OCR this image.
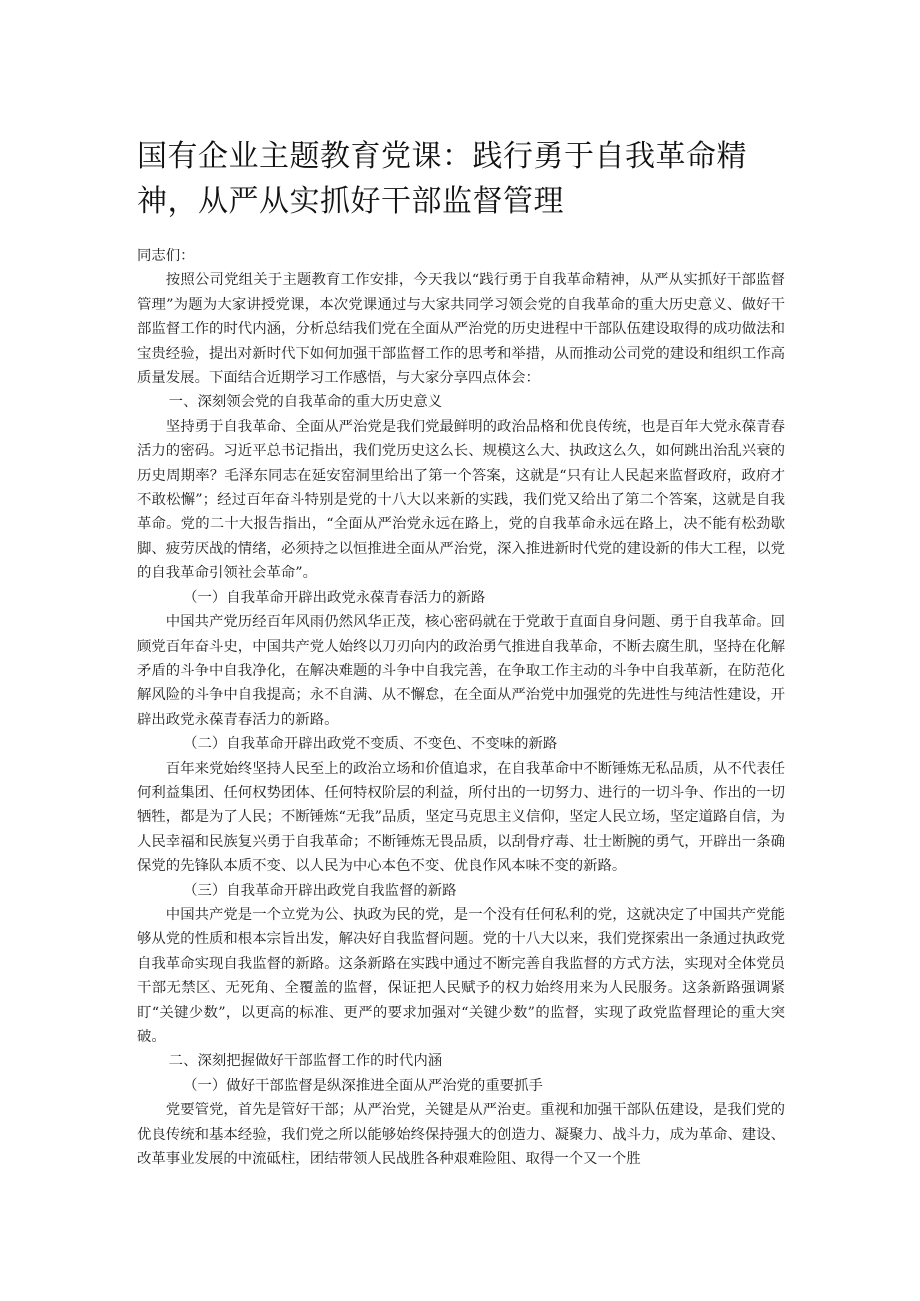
国有企业主题教育党课：践行勇于自我革命精神，从严从实抓好干部监督管理

同志们：

按照公司党组关于主题教育工作安排，今天我以“践行勇于自我革命精神，从严从实抓好干部监督管理”为题为大家讲授党课，本次党课通过与大家共同学习领会党的自我革命的重大历史意义、做好干部监督工作的时代内涵，分析总结我们党在全面从严治党的历史进程中干部队伍建设取得的成功做法和宝贵经验，提出对新时代下如何加强干部监督工作的思考和举措，从而推动公司党的建设和组织工作高质量发展。下面结合近期学习工作感悟，与大家分享四点体会：

一、深刻领会党的自我革命的重大历史意义

坚持勇于自我革命、全面从严治党是我们党最鲜明的政治品格和优良传统，也是百年大党永葆青春活力的密码。习近平总书记指出，我们党历史这么长、规模这么大、执政这么久，如何跳出治乱兴衰的历史周期率？毛泽东同志在延安窑洞里给出了第一个答案，这就是“只有让人民起来监督政府，政府才不敢松懈”；经过百年奋斗特别是党的十八大以来新的实践，我们党又给出了第二个答案，这就是自我革命。党的二十大报告指出，“全面从严治党永远在路上，党的自我革命永远在路上，决不能有松劲歇脚、疲劳厌战的情绪，必须持之以恒推进全面从严治党，深入推进新时代党的建设新的伟大工程，以党的自我革命引领社会革命”。

（一）自我革命开辟出政党永葆青春活力的新路

中国共产党历经百年风雨仍然风华正茂，核心密码就在于党敢于直面自身问题、勇于自我革命。回顾党百年奋斗史，中国共产党人始终以刀刃向内的政治勇气推进自我革命，不断去腐生肌，坚持在化解矛盾的斗争中自我净化，在解决难题的斗争中自我完善，在争取工作主动的斗争中自我革新，在防范化解风险的斗争中自我提高；永不自满、从不懈怠，在全面从严治党中加强党的先进性与纯洁性建设，开辟出政党永葆青春活力的新路。

（二）自我革命开辟出政党不变质、不变色、不变味的新路

百年来党始终坚持人民至上的政治立场和价值追求，在自我革命中不断锤炼无私品质，从不代表任何利益集团、任何权势团体、任何特权阶层的利益，所付出的一切努力、进行的一切斗争、作出的一切牺牲，都是为了人民；不断锤炼“无我”品质，坚定马克思主义信仰，坚定人民立场，坚定道路自信，为人民幸福和民族复兴勇于自我革命；不断锤炼无畏品质，以刮骨疗毒、壮士断腕的勇气，开辟出一条确保党的先锋队本质不变、以人民为中心本色不变、优良作风本味不变的新路。

（三）自我革命开辟出政党自我监督的新路

中国共产党是一个立党为公、执政为民的党，是一个没有任何私利的党，这就决定了中国共产党能够从党的性质和根本宗旨出发，解决好自我监督问题。党的十八大以来，我们党探索出一条通过执政党自我革命实现自我监督的新路。这条新路在实践中通过不断完善自我监督的方式方法，实现对全体党员干部无禁区、无死角、全覆盖的监督，保证把人民赋予的权力始终用来为人民服务。这条新路强调紧盯“关键少数”，以更高的标准、更严的要求加强对“关键少数”的监督，实现了政党监督理论的重大突破。

二、深刻把握做好干部监督工作的时代内涵

（一）做好干部监督是纵深推进全面从严治党的重要抓手

党要管党，首先是管好干部；从严治党，关键是从严治吏。重视和加强干部队伍建设，是我们党的优良传统和基本经验，我们党之所以能够始终保持强大的创造力、凝聚力、战斗力，成为革命、建设、改革事业发展的中流砥柱，团结带领人民战胜各种艰难险阻、取得一个又一个胜
